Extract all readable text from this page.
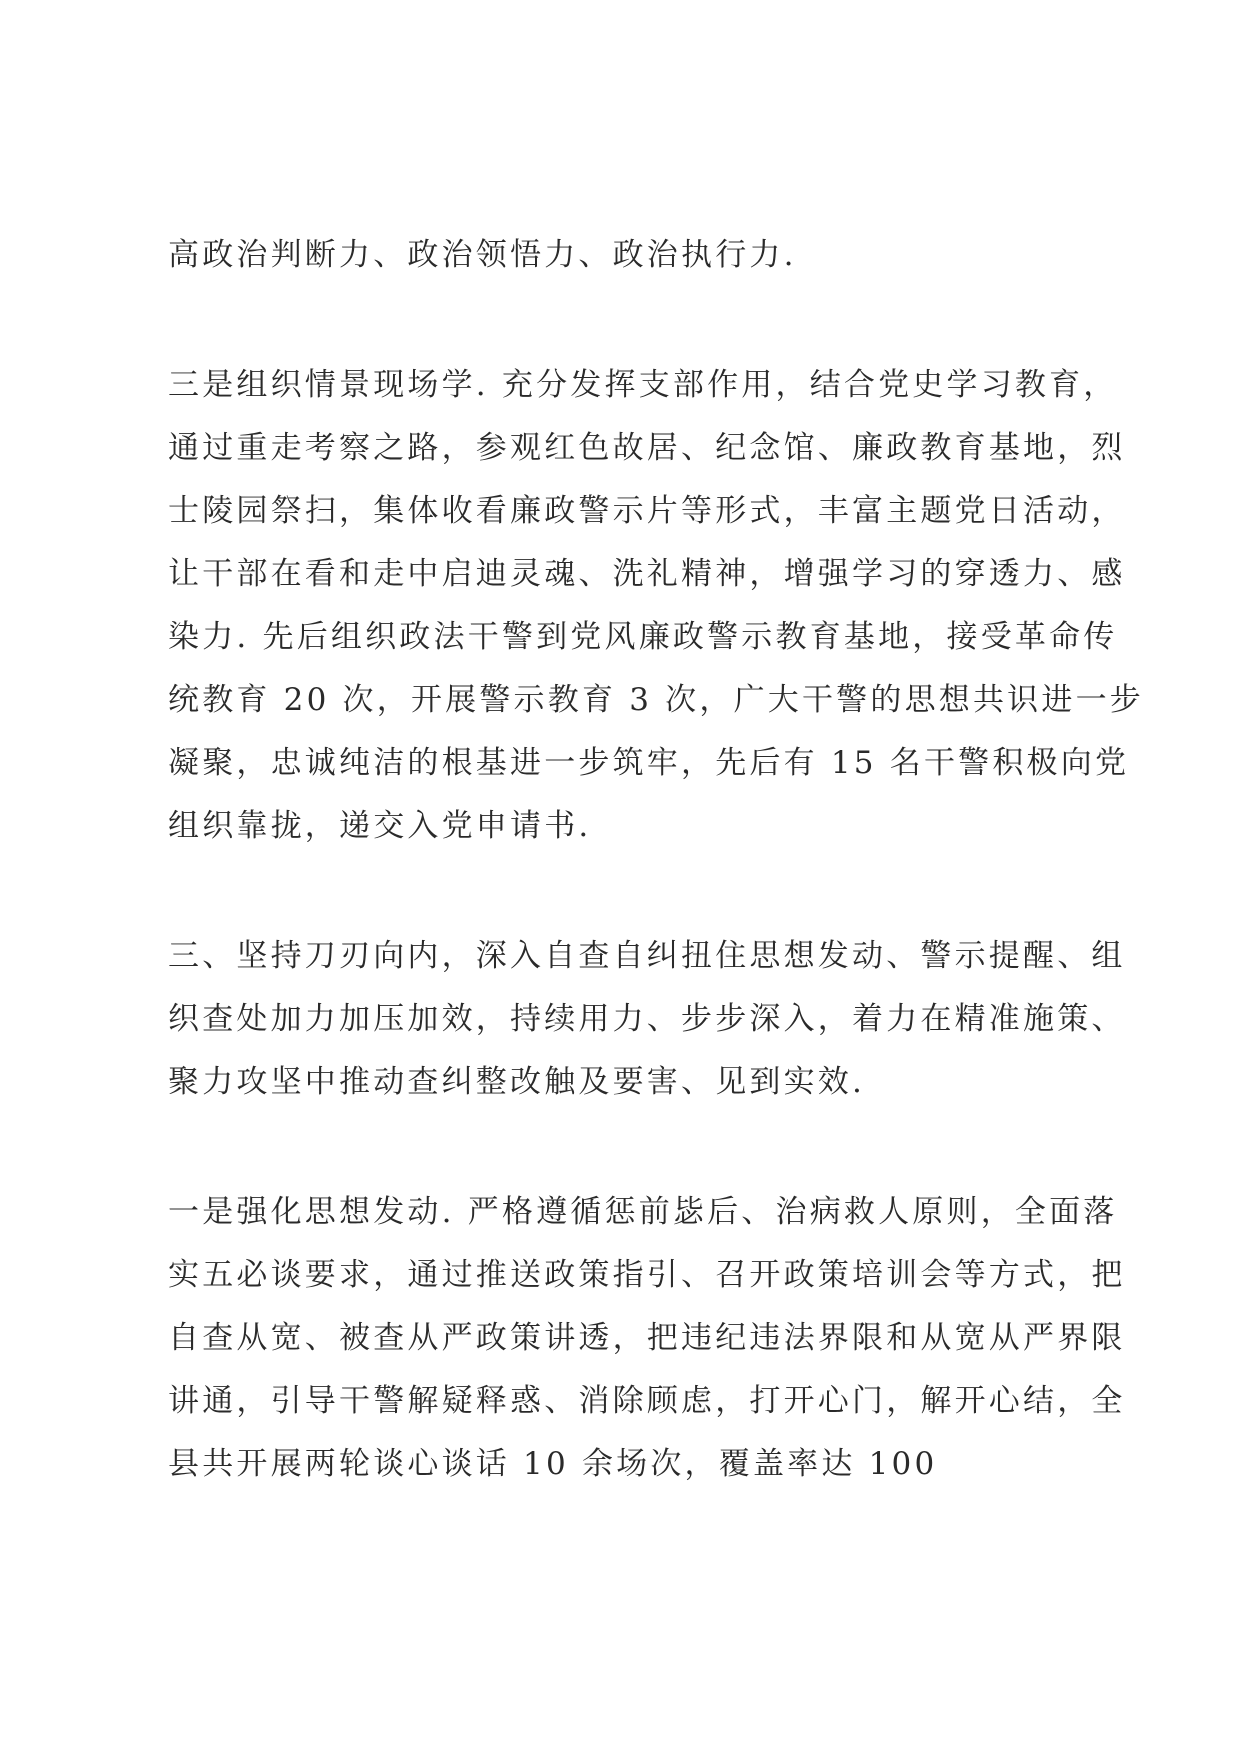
高政治判断力、政治领悟力、政治执行力.
三是组织情景现场学. 充分发挥支部作用，结合党史学习教育，
通过重走考察之路，参观红色故居、纪念馆、廉政教育基地，烈
士陵园祭扫，集体收看廉政警示片等形式，丰富主题党日活动，
让干部在看和走中启迪灵魂、洗礼精神，增强学习的穿透力、感
染力. 先后组织政法干警到党风廉政警示教育基地，接受革命传
统教育 20 次，开展警示教育 3 次，广大干警的思想共识进一步
凝聚，忠诚纯洁的根基进一步筑牢，先后有 15 名干警积极向党
组织靠拢，递交入党申请书.
三、坚持刀刃向内，深入自查自纠扭住思想发动、警示提醒、组
织查处加力加压加效，持续用力、步步深入，着力在精准施策、
聚力攻坚中推动查纠整改触及要害、见到实效.
一是强化思想发动. 严格遵循惩前毖后、治病救人原则，全面落
实五必谈要求，通过推送政策指引、召开政策培训会等方式，把
自查从宽、被查从严政策讲透，把违纪违法界限和从宽从严界限
讲通，引导干警解疑释惑、消除顾虑，打开心门，解开心结，全
县共开展两轮谈心谈话 10 余场次，覆盖率达 100
